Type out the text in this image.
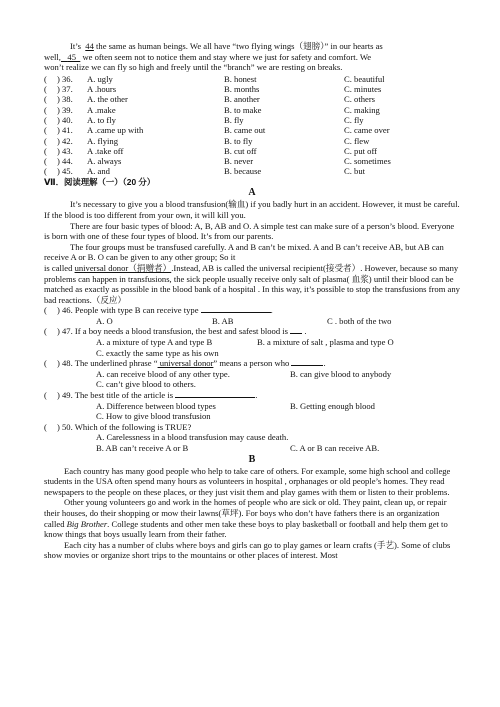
It’s 44 the same as human beings. We all have “two flying wings（翅膀）” in our hearts as

well, 45 we often seem not to notice them and stay where we just for safety and comfort. We

won’t realize we can fly so high and freely until the “branch” we are resting on breaks.

( ) 36. A. ugly	B. honest	C. beautiful
( ) 37. A .hours	B. months	C. minutes
( ) 38. A. the other	B. another	C. others
( ) 39. A .make	B. to make	C. making
( ) 40. A. to fly	B. fly	C. fly
( ) 41. A .came up with	B. came out	C. came over
( ) 42. A. flying	B. to fly	C. flew
( ) 43. A .take off	B. cut off	C. put off
( ) 44. A. always	B. never	C. sometimes
( ) 45. A. and	B. because	C. but

Ⅶ．阅读理解（一）（20 分）

A

It’s necessary to give you a blood transfusion(输血) if you badly hurt in an accident. However, it must be careful. If the blood is too different from your own, it will kill you.

There are four basic types of blood: A, B, AB and O. A simple test can make sure of a person’s blood. Everyone is born with one of these four types of blood. It’s from our parents.

The four groups must be transfused carefully. A and B can’t be mixed. A and B can’t receive AB, but AB can receive A or B. O can be given to any other group; So it

is called universal donor（捐赠者）.Instead, AB is called the universal recipient(接受者）. However, because so many problems can happen in transfusions, the sick people usually receive only salt of plasma( 血浆) until their blood can be matched as exactly as possible in the blood bank of a hospital . In this way, it’s possible to stop the transfusions from any bad reactions.（反应）

( ) 46. People with type B can receive type	.
A. O	B. AB	C . both of the two
( ) 47. If a boy needs a blood transfusion, the best and safest blood is  .
A. a mixture of type A and type B	B. a mixture of salt , plasma and type O
C. exactly the same type as his own
( ) 48. The underlined phrase “ universal donor” means a person who	.
A. can receive blood of any other type.	B. can give blood to anybody
C. can’t give blood to others.
( ) 49. The best title of the article is	.
A. Difference between blood types	B. Getting enough blood
C. How to give blood transfusion
( ) 50. Which of the following is TRUE?
A. Carelessness in a blood transfusion may cause death.
B. AB can’t receive A or B	C. A or B can receive AB.

B

Each country has many good people who help to take care of others. For example, some high school and college students in the USA often spend many hours as volunteers in hospital , orphanages or old people’s homes. They read newspapers to the people on these places, or they just visit them and play games with them or listen to their problems.

Other young volunteers go and work in the homes of people who are sick or old. They paint, clean up, or repair their houses, do their shopping or mow their lawns(草坪). For boys who don’t have fathers there is an organization called Big Brother. College students and other men take these boys to play basketball or football and help them get to know things that boys usually learn from their father.

Each city has a number of clubs where boys and girls can go to play games or learn crafts (手艺). Some of clubs show movies or organize short trips to the mountains or other places of interest. Most
